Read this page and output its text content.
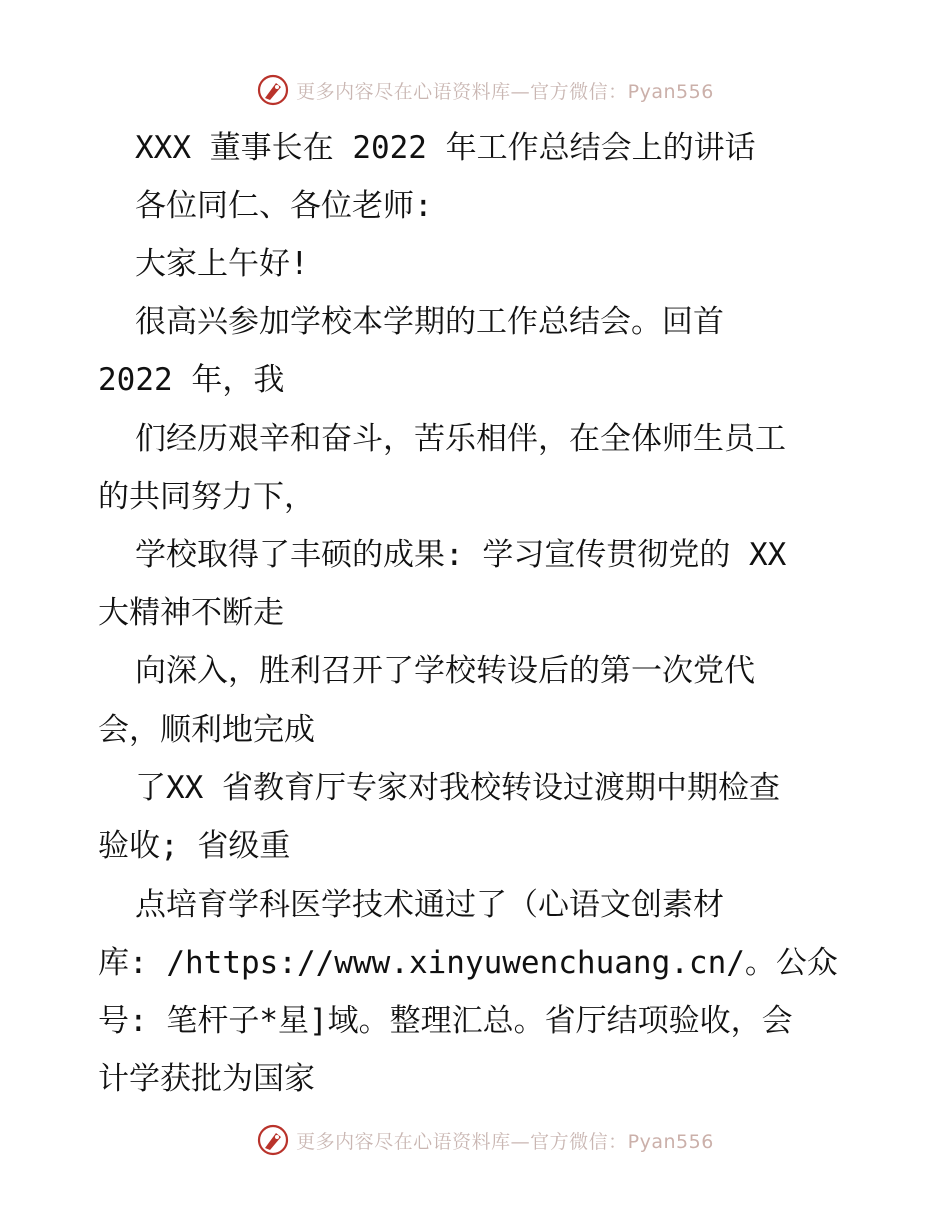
更多内容尽在心语资料库—官方微信：Pyan556
XXX 董事长在 2022 年工作总结会上的讲话
各位同仁、各位老师:
大家上午好!
很高兴参加学校本学期的工作总结会。回首
2022 年，我
们经历艰辛和奋斗，苦乐相伴，在全体师生员工
的共同努力下，
学校取得了丰硕的成果: 学习宣传贯彻党的 XX
大精神不断走
向深入，胜利召开了学校转设后的第一次党代
会，顺利地完成
了XX 省教育厅专家对我校转设过渡期中期检查
验收; 省级重
点培育学科医学技术通过了（心语文创素材
库: /https://www.xinyuwenchuang.cn/。公众
号: 笔杆子*星]域。整理汇总。省厅结项验收，会
计学获批为国家
更多内容尽在心语资料库—官方微信：Pyan556
